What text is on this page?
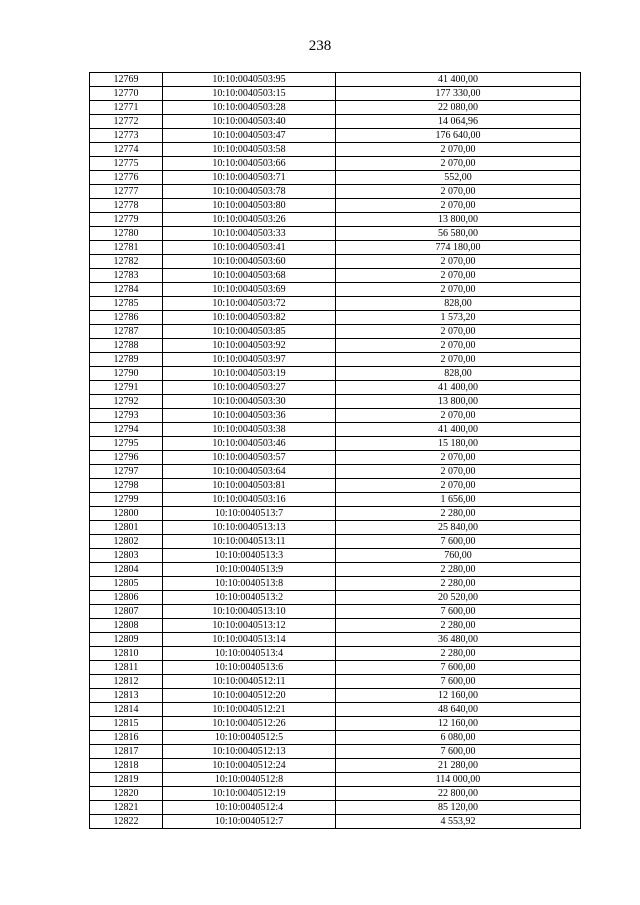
238
12769	10:10:0040503:95	41 400,00
12770	10:10:0040503:15	177 330,00
12771	10:10:0040503:28	22 080,00
12772	10:10:0040503:40	14 064,96
12773	10:10:0040503:47	176 640,00
12774	10:10:0040503:58	2 070,00
12775	10:10:0040503:66	2 070,00
12776	10:10:0040503:71	552,00
12777	10:10:0040503:78	2 070,00
12778	10:10:0040503:80	2 070,00
12779	10:10:0040503:26	13 800,00
12780	10:10:0040503:33	56 580,00
12781	10:10:0040503:41	774 180,00
12782	10:10:0040503:60	2 070,00
12783	10:10:0040503:68	2 070,00
12784	10:10:0040503:69	2 070,00
12785	10:10:0040503:72	828,00
12786	10:10:0040503:82	1 573,20
12787	10:10:0040503:85	2 070,00
12788	10:10:0040503:92	2 070,00
12789	10:10:0040503:97	2 070,00
12790	10:10:0040503:19	828,00
12791	10:10:0040503:27	41 400,00
12792	10:10:0040503:30	13 800,00
12793	10:10:0040503:36	2 070,00
12794	10:10:0040503:38	41 400,00
12795	10:10:0040503:46	15 180,00
12796	10:10:0040503:57	2 070,00
12797	10:10:0040503:64	2 070,00
12798	10:10:0040503:81	2 070,00
12799	10:10:0040503:16	1 656,00
12800	10:10:0040513:7	2 280,00
12801	10:10:0040513:13	25 840,00
12802	10:10:0040513:11	7 600,00
12803	10:10:0040513:3	760,00
12804	10:10:0040513:9	2 280,00
12805	10:10:0040513:8	2 280,00
12806	10:10:0040513:2	20 520,00
12807	10:10:0040513:10	7 600,00
12808	10:10:0040513:12	2 280,00
12809	10:10:0040513:14	36 480,00
12810	10:10:0040513:4	2 280,00
12811	10:10:0040513:6	7 600,00
12812	10:10:0040512:11	7 600,00
12813	10:10:0040512:20	12 160,00
12814	10:10:0040512:21	48 640,00
12815	10:10:0040512:26	12 160,00
12816	10:10:0040512:5	6 080,00
12817	10:10:0040512:13	7 600,00
12818	10:10:0040512:24	21 280,00
12819	10:10:0040512:8	114 000,00
12820	10:10:0040512:19	22 800,00
12821	10:10:0040512:4	85 120,00
12822	10:10:0040512:7	4 553,92
